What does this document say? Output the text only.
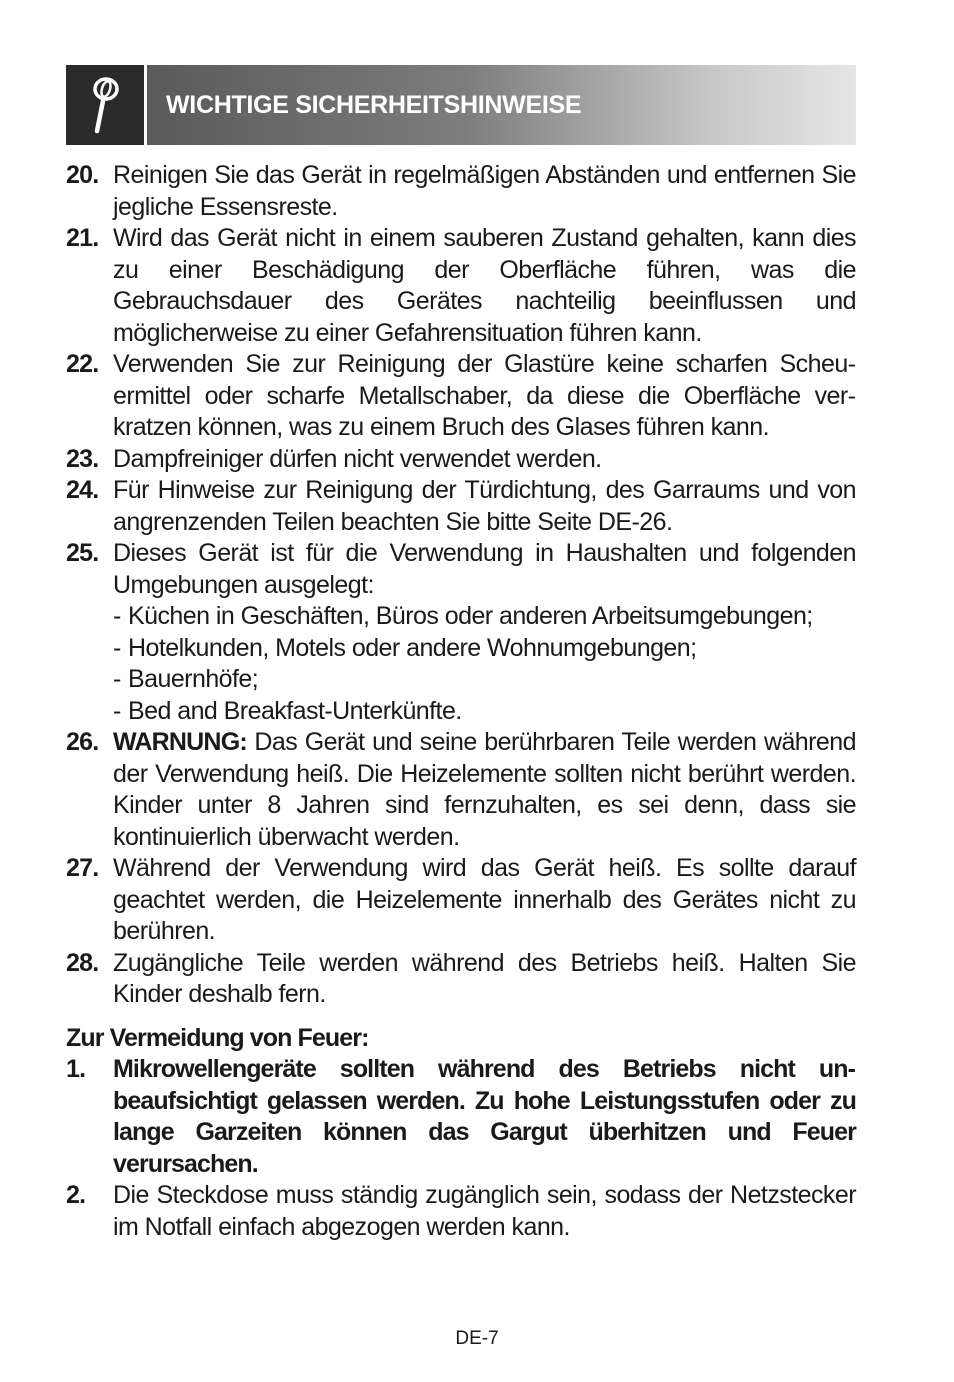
WICHTIGE SICHERHEITSHINWEISE
20. Reinigen Sie das Gerät in regelmäßigen Abständen und entfernen Sie jegliche Essensreste.
21. Wird das Gerät nicht in einem sauberen Zustand gehalten, kann dies zu einer Beschädigung der Oberfläche führen, was die Gebrauchsdauer des Gerätes nachteilig beeinflussen und möglicherweise zu einer Gefahrensituation führen kann.
22. Verwenden Sie zur Reinigung der Glastüre keine scharfen Scheuermittel oder scharfe Metallschaber, da diese die Oberfläche verkratzen können, was zu einem Bruch des Glases führen kann.
23. Dampfreiniger dürfen nicht verwendet werden.
24. Für Hinweise zur Reinigung der Türdichtung, des Garraums und von angrenzenden Teilen beachten Sie bitte Seite DE-26.
25. Dieses Gerät ist für die Verwendung in Haushalten und folgenden Umgebungen ausgelegt:
- Küchen in Geschäften, Büros oder anderen Arbeitsumgebungen;
- Hotelkunden, Motels oder andere Wohnumgebungen;
- Bauernhöfe;
- Bed and Breakfast-Unterkünfte.
26. WARNUNG: Das Gerät und seine berührbaren Teile werden während der Verwendung heiß. Die Heizelemente sollten nicht berührt werden. Kinder unter 8 Jahren sind fernzuhalten, es sei denn, dass sie kontinuierlich überwacht werden.
27. Während der Verwendung wird das Gerät heiß. Es sollte darauf geachtet werden, die Heizelemente innerhalb des Gerätes nicht zu berühren.
28. Zugängliche Teile werden während des Betriebs heiß. Halten Sie Kinder deshalb fern.
Zur Vermeidung von Feuer:
1.	Mikrowellengeräte sollten während des Betriebs nicht unbeaufsichtigt gelassen werden. Zu hohe Leistungsstufen oder zu lange Garzeiten können das Gargut überhitzen und Feuer verursachen.
2.	Die Steckdose muss ständig zugänglich sein, sodass der Netzstecker im Notfall einfach abgezogen werden kann.
DE-7
